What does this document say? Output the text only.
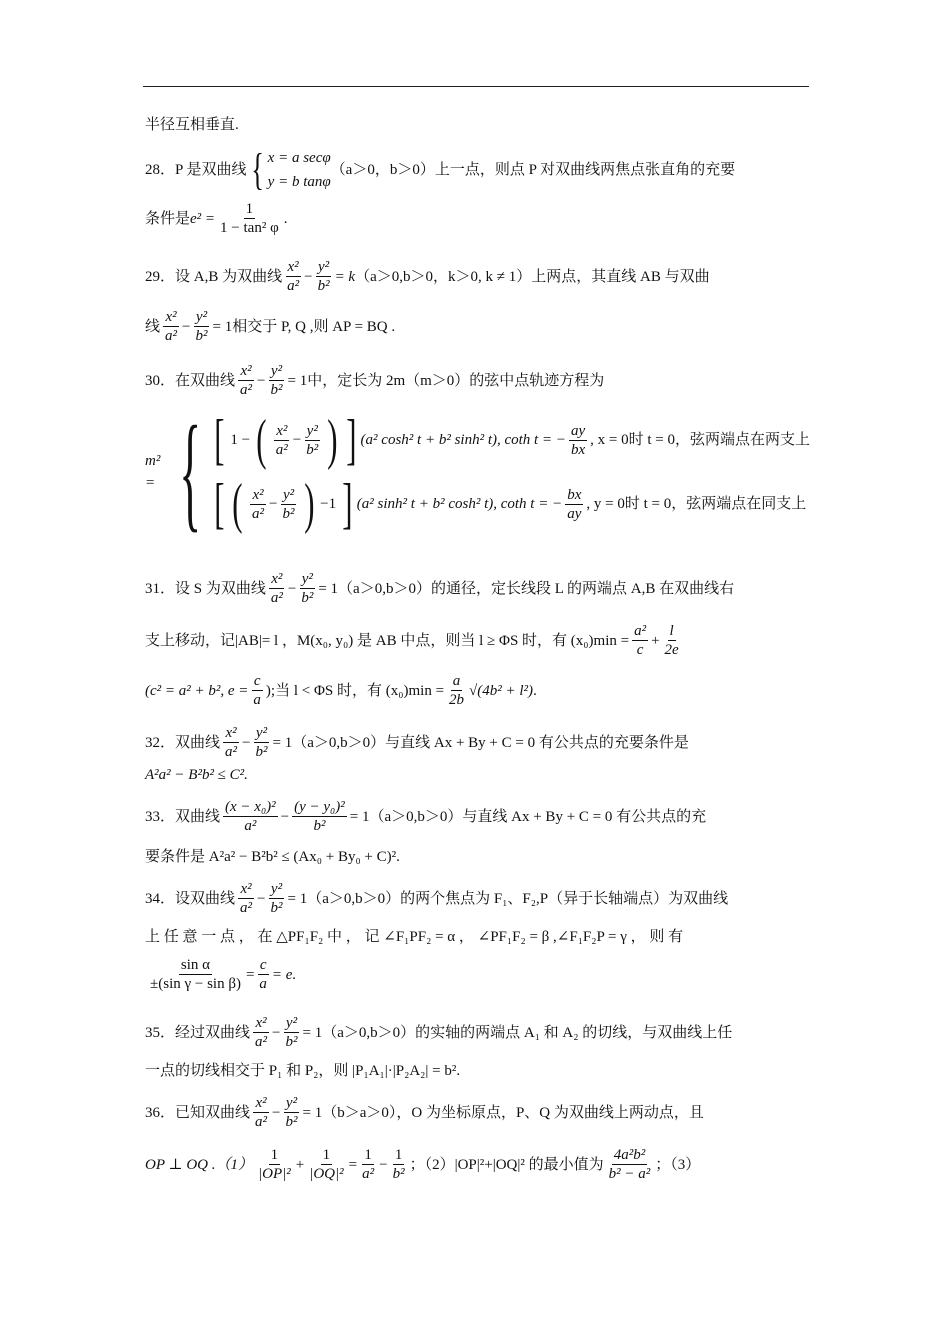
半径互相垂直.
28．P 是双曲线 { x = a secφ
y = b tanφ
（a＞0，b＞0）上一点，则点 P 对双曲线两焦点张直角的充要
条件是 $e^2 = \frac{1}{\text{1 − tan² φ}}$ .
29．设 A,B 为双曲线 $\frac{\text{x²}}{\text{a²}} - \frac{\text{y²}}{\text{b²}} = k$ （a＞0,b＞0，k＞0, k ≠ 1）上两点，其直线 AB 与双曲
线 $\frac{\text{x²}}{\text{a²}} - \frac{\text{y²}}{\text{b²}} = 1$ 相交于 P, Q ,则 AP = BQ .
30．在双曲线 $\frac{\text{x²}}{\text{a²}} - \frac{\text{y²}}{\text{b²}} = 1$ 中，定长为 2m（m＞0）的弦中点轨迹方程为
m² = { [ 1 − ( $\frac{\text{x²}}{\text{a²}} - \frac{\text{y²}}{\text{b²}}$ ) ] (a² cosh² t + b² sinh² t), coth t = − $\frac{ay}{bx}$ , x = 0时 t = 0，弦两端点在两支上
[ ( $\frac{\text{x²}}{\text{a²}} - \frac{\text{y²}}{\text{b²}}$ ) −1 ] (a² sinh² t + b² cosh² t), coth t = − $\frac{bx}{ay}$ , y = 0时 t = 0，弦两端点在同支上
31．设 S 为双曲线 $\frac{\text{x²}}{\text{a²}} - \frac{\text{y²}}{\text{b²}} = 1$ （a＞0,b＞0）的通径，定长线段 L 的两端点 A,B 在双曲线右
支上移动，记|AB|= l ，M(x₀, y₀) 是 AB 中点，则当 l ≥ ΦS 时，有 $(x_0)\min = \frac{\text{a²}}{c} + \frac{l}{2e}$
(c² = a² + b², $e = \frac{c}{a}$ );当 l < ΦS 时，有 $(x_0)\min = \frac{a}{2b} √(4b^2 + l^2)$ .
32．双曲线 $\frac{\text{x²}}{\text{a²}} - \frac{\text{y²}}{\text{b²}} = 1$ （a＞0,b＞0）与直线 Ax + By + C = 0 有公共点的充要条件是
A²a² − B²b² ≤ C².
33．双曲线 $\frac{\text{(x − x₀)²}}{\text{a²}} - \frac{\text{(y − y₀)²}}{\text{b²}} = 1$ （a＞0,b＞0）与直线 Ax + By + C = 0 有公共点的充
要条件是 A²a² − B²b² ≤ (Ax₀ + By₀ + C)².
34．设双曲线 $\frac{\text{x²}}{\text{a²}} - \frac{\text{y²}}{\text{b²}} = 1$ （a＞0,b＞0）的两个焦点为 F₁、F₂,P（异于长轴端点）为双曲线
上 任 意 一 点 ， 在 △PF₁F₂ 中 ， 记 ∠F₁PF₂ = α ， ∠PF₁F₂ = β ,∠F₁F₂P = γ ， 则 有
$\frac{\text{sin α}}{\text{±(sin γ − sin β)}} = \frac{c}{a} = e$.
35．经过双曲线 $\frac{\text{x²}}{\text{a²}} - \frac{\text{y²}}{\text{b²}} = 1$ （a＞0,b＞0）的实轴的两端点 A₁ 和 A₂ 的切线，与双曲线上任
一点的切线相交于 P₁ 和 P₂，则 |P₁A₁|·|P₂A₂| = b².
36．已知双曲线 $\frac{\text{x²}}{\text{a²}} - \frac{\text{y²}}{\text{b²}} = 1$ （b＞a＞0），O 为坐标原点，P、Q 为双曲线上两动点，且
OP ⊥ OQ $.(1) \frac{1}{\text{|OP|²}} + \frac{1}{\text{|OQ|²}} = \frac{1}{\text{a²}} - \frac{1}{\text{b²}}$ ；（2）|OP|²+|OQ|² 的最小值为 $\frac{\text{4a²b²}}{\text{b² − a²}}$ ；（3）
